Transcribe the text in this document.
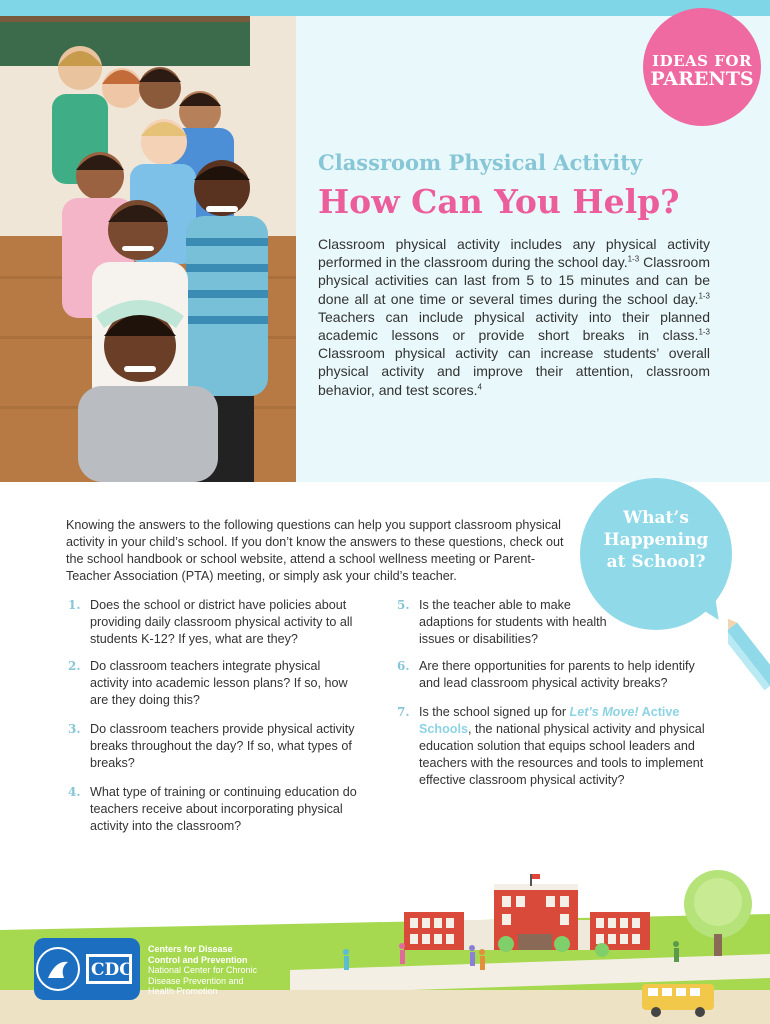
IDEAS FOR
PARENTS
Classroom Physical Activity
How Can You Help?
Classroom physical activity includes any physical activity performed in the classroom during the school day.$^{1-3}$ Classroom physical activities can last from 5 to 15 minutes and can be done all at one time or several times during the school day.$^{1-3}$ Teachers can include physical activity into their planned academic lessons or provide short breaks in class.$^{1-3}$ Classroom physical activity can increase students’ overall physical activity and improve their attention, classroom behavior, and test scores.$^4$
What’s
Happening
at School?
Knowing the answers to the following questions can help you support classroom physical activity in your child’s school. If you don’t know the answers to these questions, check out the school handbook or school website, attend a school wellness meeting or Parent-Teacher Association (PTA) meeting, or simply ask your child’s teacher.
1. Does the school or district have policies about providing daily classroom physical activity to all students K-12? If yes, what are they?
2. Do classroom teachers integrate physical activity into academic lesson plans? If so, how are they doing this?
3. Do classroom teachers provide physical activity breaks throughout the day? If so, what types of breaks?
4. What type of training or continuing education do teachers receive about incorporating physical activity into the classroom?
5. Is the teacher able to make adaptions for students with health issues or disabilities?
6. Are there opportunities for parents to help identify and lead classroom physical activity breaks?
7. Is the school signed up for Let’s Move! Active Schools, the national physical activity and physical education solution that equips school leaders and teachers with the resources and tools to implement effective classroom physical activity?
CDC
Centers for Disease
Control and Prevention
National Center for Chronic
Disease Prevention and
Health Promotion
